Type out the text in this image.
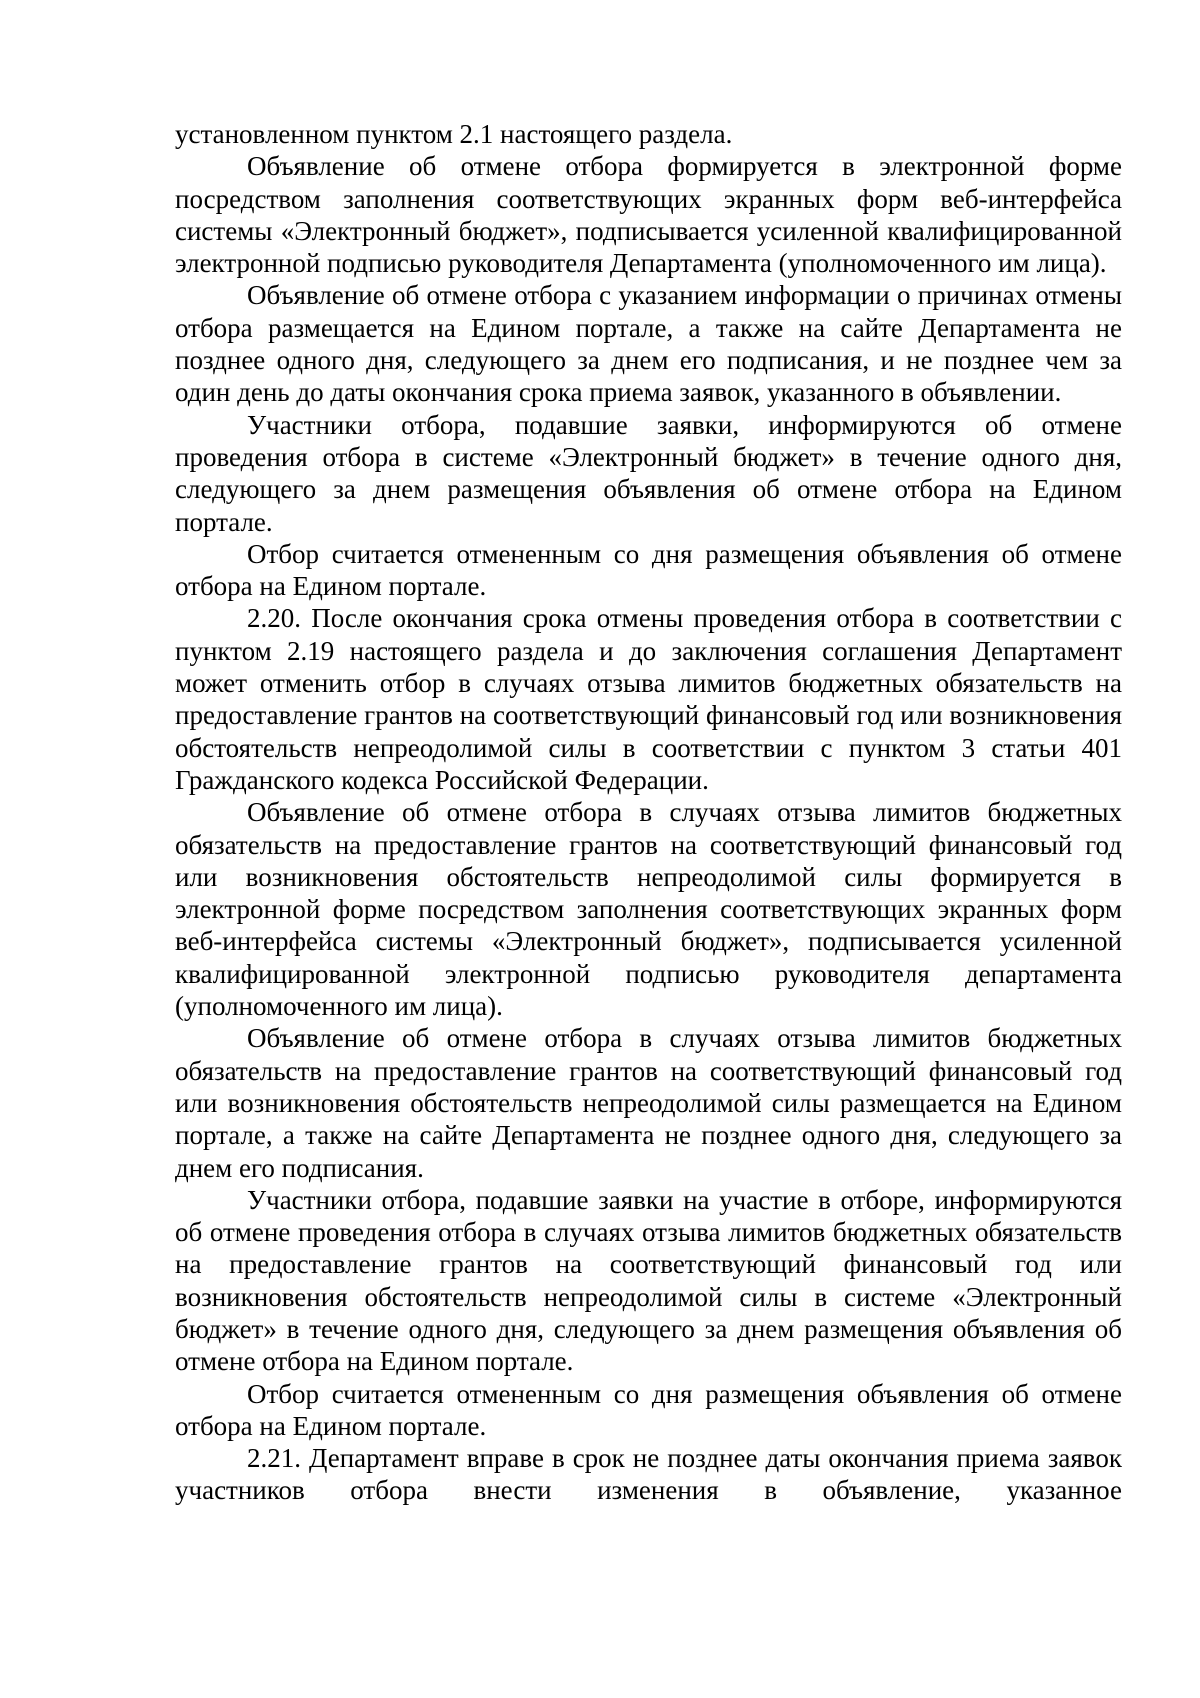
установленном пунктом 2.1 настоящего раздела.

Объявление об отмене отбора формируется в электронной форме посредством заполнения соответствующих экранных форм веб-интерфейса системы «Электронный бюджет», подписывается усиленной квалифицированной электронной подписью руководителя Департамента (уполномоченного им лица).

Объявление об отмене отбора с указанием информации о причинах отмены отбора размещается на Едином портале, а также на сайте Департамента не позднее одного дня, следующего за днем его подписания, и не позднее чем за один день до даты окончания срока приема заявок, указанного в объявлении.

Участники отбора, подавшие заявки, информируются об отмене проведения отбора в системе «Электронный бюджет» в течение одного дня, следующего за днем размещения объявления об отмене отбора на Едином портале.

Отбор считается отмененным со дня размещения объявления об отмене отбора на Едином портале.

2.20. После окончания срока отмены проведения отбора в соответствии с пунктом 2.19 настоящего раздела и до заключения соглашения Департамент может отменить отбор в случаях отзыва лимитов бюджетных обязательств на предоставление грантов на соответствующий финансовый год или возникновения обстоятельств непреодолимой силы в соответствии с пунктом 3 статьи 401 Гражданского кодекса Российской Федерации.

Объявление об отмене отбора в случаях отзыва лимитов бюджетных обязательств на предоставление грантов на соответствующий финансовый год или возникновения обстоятельств непреодолимой силы формируется в электронной форме посредством заполнения соответствующих экранных форм веб-интерфейса системы «Электронный бюджет», подписывается усиленной квалифицированной электронной подписью руководителя департамента (уполномоченного им лица).

Объявление об отмене отбора в случаях отзыва лимитов бюджетных обязательств на предоставление грантов на соответствующий финансовый год или возникновения обстоятельств непреодолимой силы размещается на Едином портале, а также на сайте Департамента не позднее одного дня, следующего за днем его подписания.

Участники отбора, подавшие заявки на участие в отборе, информируются об отмене проведения отбора в случаях отзыва лимитов бюджетных обязательств на предоставление грантов на соответствующий финансовый год или возникновения обстоятельств непреодолимой силы в системе «Электронный бюджет» в течение одного дня, следующего за днем размещения объявления об отмене отбора на Едином портале.

Отбор считается отмененным со дня размещения объявления об отмене отбора на Едином портале.

2.21. Департамент вправе в срок не позднее даты окончания приема заявок участников отбора внести изменения в объявление, указанное
